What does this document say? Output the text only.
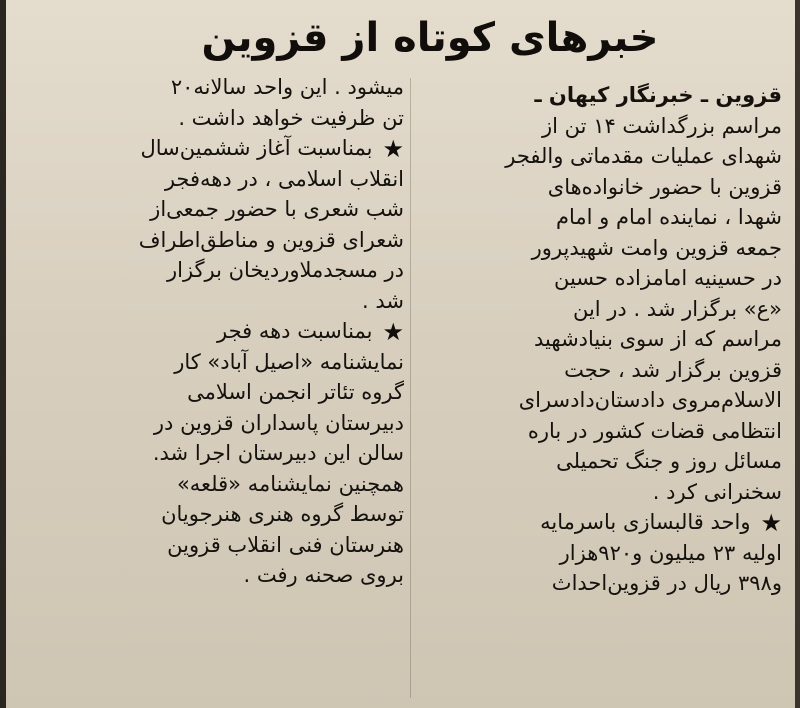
خبرهای کوتاه از قزوین
قزوین ـ خبرنگار کیهان ـ
مراسم بزرگداشت ۱۴ تن از
شهدای عملیات مقدماتی والفجر
قزوین با حضور خانواده‌های
شهدا ، نماینده امام و امام
جمعه قزوین وامت شهیدپرور
در حسینیه امامزاده حسین
«ع» برگزار شد . در این
مراسم که از سوی بنیادشهید
قزوین برگزار شد ، حجت
الاسلام‌مروی دادستان‌دادسرای
انتظامی قضات کشور در باره
مسائل روز و جنگ تحمیلی
سخنرانی کرد .
★واحد قالبسازی باسرمایه
اولیه ۲۳ میلیون و۹۲۰هزار
و۳۹۸ ریال در قزوین‌احداث
میشود . این واحد سالانه۲۰
تن ظرفیت خواهد داشت .
★بمناسبت آغاز ششمین‌سال
انقلاب اسلامی ، در دهه‌فجر
شب شعری با حضور جمعی‌از
شعرای قزوین و مناطق‌اطراف
در مسجدملاوردیخان برگزار
شد .
★بمناسبت دهه فجر
نمایشنامه «اصیل آباد» کار
گروه تئاتر انجمن اسلامی
دبیرستان پاسداران قزوین در
سالن این دبیرستان اجرا شد.
همچنین نمایشنامه «قلعه»
توسط گروه هنری هنرجویان
هنرستان فنی انقلاب قزوین
بروی صحنه رفت .
